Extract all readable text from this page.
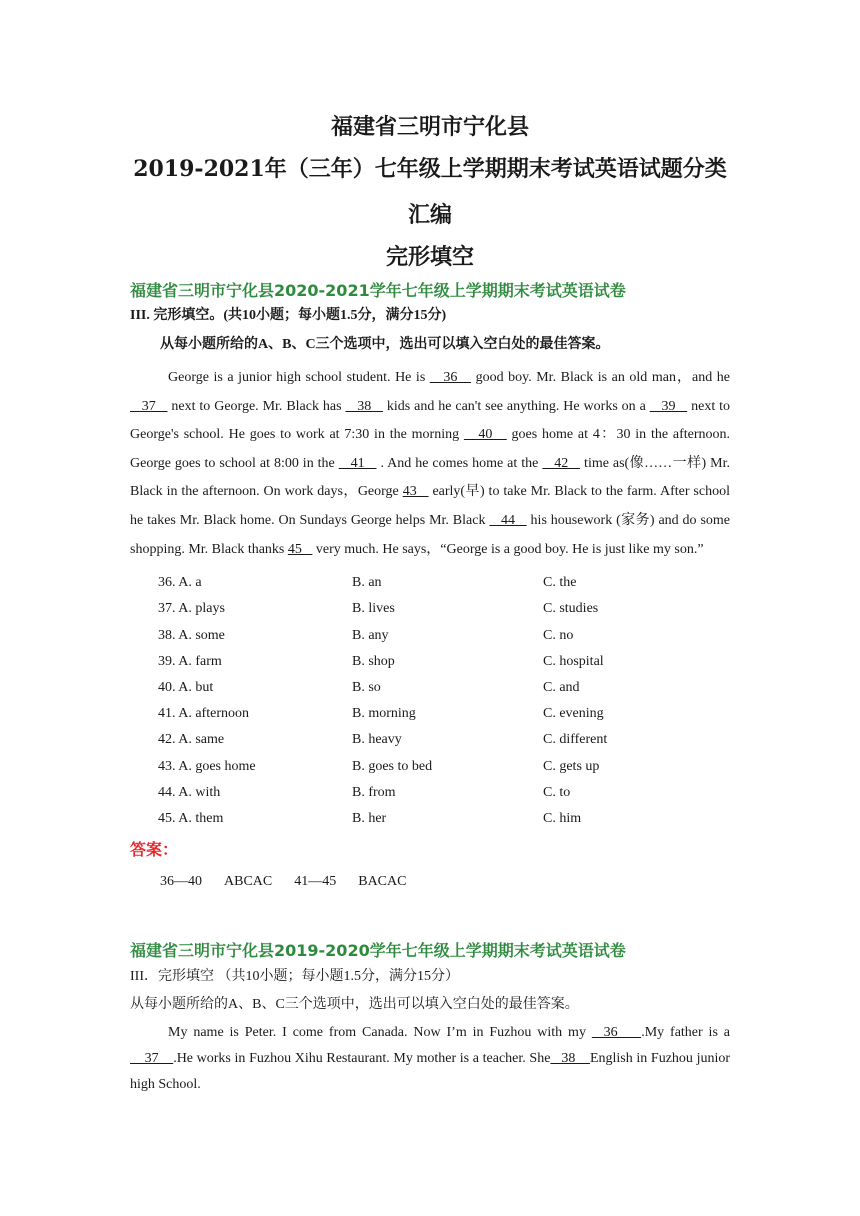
福建省三明市宁化县
2019-2021年（三年）七年级上学期期末考试英语试题分类汇编
完形填空
福建省三明市宁化县2020-2021学年七年级上学期期末考试英语试卷
III. 完形填空。(共10小题；每小题1.5分，满分15分)
从每小题所给的A、B、C三个选项中，选出可以填入空白处的最佳答案。
George is a junior high school student. He is    36    good boy. Mr. Black is an old man，and he    37    next to George. Mr. Black has    38    kids and he can't see anything. He works on a    39    next to George's school. He goes to work at 7:30 in the morning    40    goes home at 4：30 in the afternoon. George goes to school at 8:00 in the    41    . And he comes home at the    42    time as(像……一样) Mr. Black in the afternoon. On work days，George 43    early(早) to take Mr. Black to the farm. After school he takes Mr. Black home. On Sundays George helps Mr. Black    44    his housework (家务) and do some shopping. Mr. Black thanks 45    very much. He says，“George is a good boy. He is just like my son.”
36. A. a	B. an	C. the
37. A. plays	B. lives	C. studies
38. A. some	B. any	C. no
39. A. farm	B. shop	C. hospital
40. A. but	B. so	C. and
41. A. afternoon	B. morning	C. evening
42. A. same	B. heavy	C. different
43. A. goes home	B. goes to bed	C. gets up
44. A. with	B. from	C. to
45. A. them	B. her	C. him
答案：
36—40 ABCAC 41—45 BACAC
福建省三明市宁化县2019-2020学年七年级上学期期末考试英语试卷
III．完形填空 （共10小题；每小题1.5分，满分15分）
从每小题所给的A、B、C三个选项中，选出可以填入空白处的最佳答案。
My name is Peter. I come from Canada. Now I’m in Fuzhou with my   36    .My father is a    37    .He works in Fuzhou Xihu Restaurant. My mother is a teacher. She   38    English in Fuzhou junior high School.
